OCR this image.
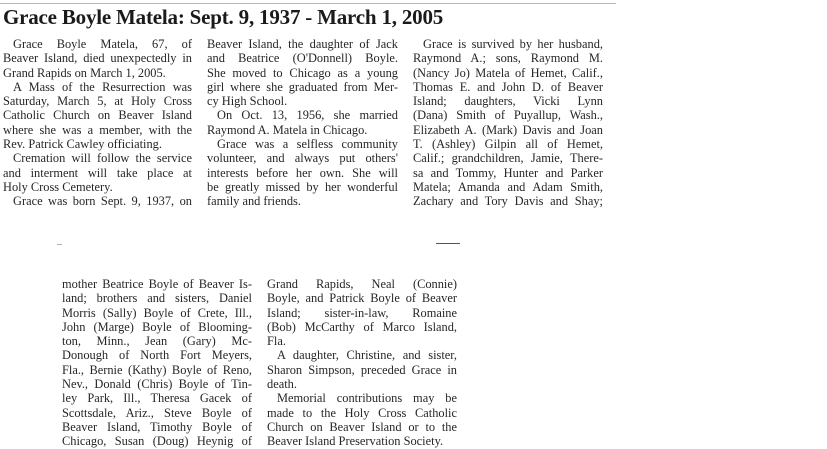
Grace Boyle Matela: Sept. 9, 1937 - March 1, 2005
Grace Boyle Matela, 67, of
Beaver Island, died unexpectedly in
Grand Rapids on March 1, 2005.
A Mass of the Resurrection was
Saturday, March 5, at Holy Cross
Catholic Church on Beaver Island
where she was a member, with the
Rev. Patrick Cawley officiating.
Cremation will follow the service
and interment will take place at
Holy Cross Cemetery.
Grace was born Sept. 9, 1937, on
Beaver Island, the daughter of Jack
and Beatrice (O'Donnell) Boyle.
She moved to Chicago as a young
girl where she graduated from Mer-
cy High School.
On Oct. 13, 1956, she married
Raymond A. Matela in Chicago.
Grace was a selfless community
volunteer, and always put others'
interests before her own. She will
be greatly missed by her wonderful
family and friends.
Grace is survived by her husband,
Raymond A.; sons, Raymond M.
(Nancy Jo) Matela of Hemet, Calif.,
Thomas E. and John D. of Beaver
Island; daughters, Vicki Lynn
(Dana) Smith of Puyallup, Wash.,
Elizabeth A. (Mark) Davis and Joan
T. (Ashley) Gilpin all of Hemet,
Calif.; grandchildren, Jamie, There-
sa and Tommy, Hunter and Parker
Matela; Amanda and Adam Smith,
Zachary and Tory Davis and Shay;
mother Beatrice Boyle of Beaver Is-
land; brothers and sisters, Daniel
Morris (Sally) Boyle of Crete, Ill.,
John (Marge) Boyle of Blooming-
ton, Minn., Jean (Gary) Mc-
Donough of North Fort Meyers,
Fla., Bernie (Kathy) Boyle of Reno,
Nev., Donald (Chris) Boyle of Tin-
ley Park, Ill., Theresa Gacek of
Scottsdale, Ariz., Steve Boyle of
Beaver Island, Timothy Boyle of
Chicago, Susan (Doug) Heynig of
Grand Rapids, Neal (Connie)
Boyle, and Patrick Boyle of Beaver
Island; sister-in-law, Romaine
(Bob) McCarthy of Marco Island,
Fla.
A daughter, Christine, and sister,
Sharon Simpson, preceded Grace in
death.
Memorial contributions may be
made to the Holy Cross Catholic
Church on Beaver Island or to the
Beaver Island Preservation Society.
